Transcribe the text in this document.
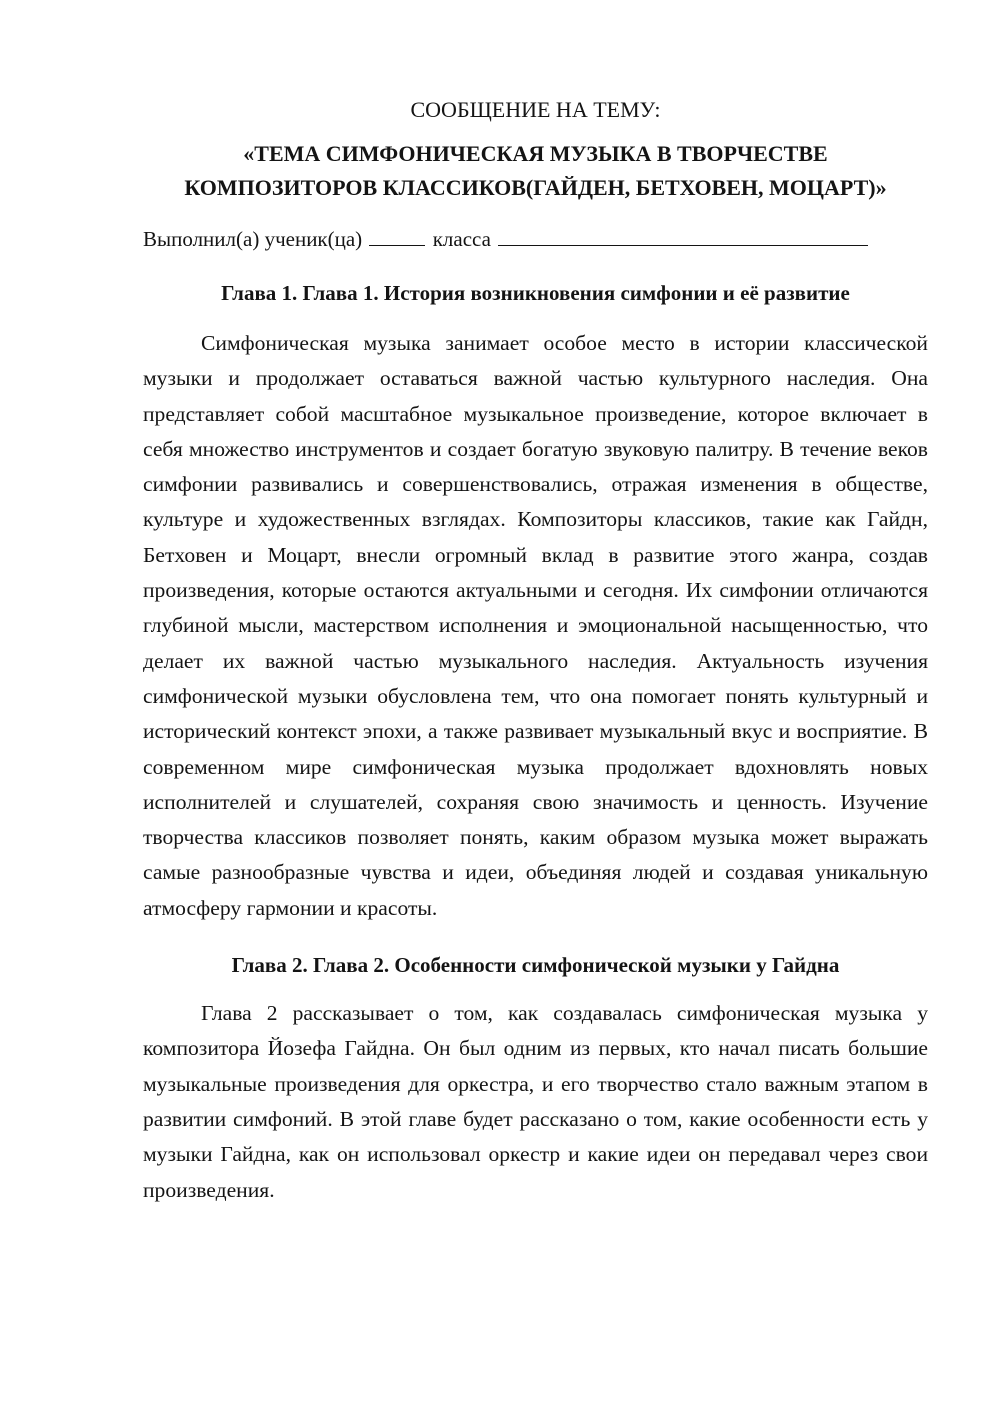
СООБЩЕНИЕ НА ТЕМУ:

«ТЕМА СИМФОНИЧЕСКАЯ МУЗЫКА В ТВОРЧЕСТВЕ
КОМПОЗИТОРОВ КЛАССИКОВ(ГАЙДЕН, БЕТХОВЕН, МОЦАРТ)»
Выполнил(а) ученик(ца)	класса
Глава 1. Глава 1. История возникновения симфонии и её развитие

Симфоническая музыка занимает особое место в истории классической музыки и продолжает оставаться важной частью культурного наследия. Она представляет собой масштабное музыкальное произведение, которое включает в себя множество инструментов и создает богатую звуковую палитру. В течение веков симфонии развивались и совершенствовались, отражая изменения в обществе, культуре и художественных взглядах. Композиторы классиков, такие как Гайдн, Бетховен и Моцарт, внесли огромный вклад в развитие этого жанра, создав произведения, которые остаются актуальными и сегодня. Их симфонии отличаются глубиной мысли, мастерством исполнения и эмоциональной насыщенностью, что делает их важной частью музыкального наследия. Актуальность изучения симфонической музыки обусловлена тем, что она помогает понять культурный и исторический контекст эпохи, а также развивает музыкальный вкус и восприятие. В современном мире симфоническая музыка продолжает вдохновлять новых исполнителей и слушателей, сохраняя свою значимость и ценность. Изучение творчества классиков позволяет понять, каким образом музыка может выражать самые разнообразные чувства и идеи, объединяя людей и создавая уникальную атмосферу гармонии и красоты.

Глава 2. Глава 2. Особенности симфонической музыки у Гайдна

Глава 2 рассказывает о том, как создавалась симфоническая музыка у композитора Йозефа Гайдна. Он был одним из первых, кто начал писать большие музыкальные произведения для оркестра, и его творчество стало важным этапом в развитии симфоний. В этой главе будет рассказано о том, какие особенности есть у музыки Гайдна, как он использовал оркестр и какие идеи он передавал через свои произведения.
